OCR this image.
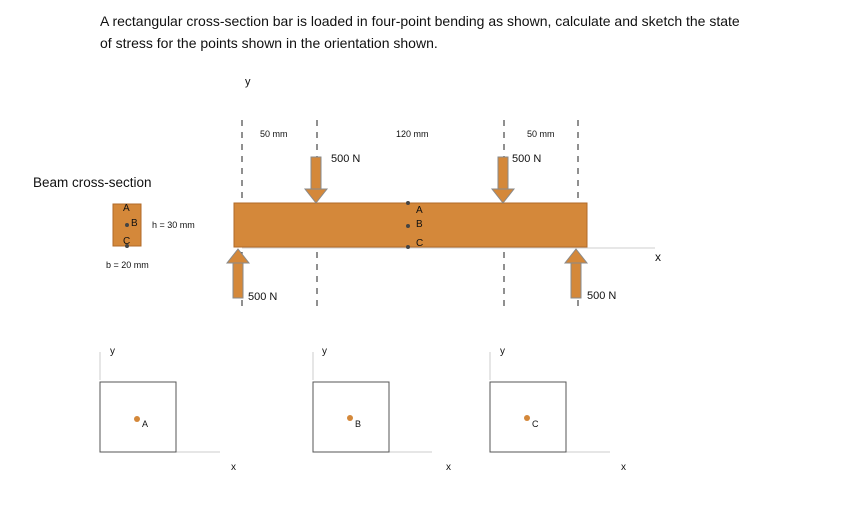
A rectangular cross-section bar is loaded in four-point bending as shown, calculate and sketch the state
of stress for the points shown in the orientation shown.
y
x
50 mm	120 mm	50 mm
500 N	500 N
500 N	500 N
A
B
C
Beam cross-section
h = 30 mm
b = 20 mm
A
B
C
y
x
A
y
x
B
y
x
C
